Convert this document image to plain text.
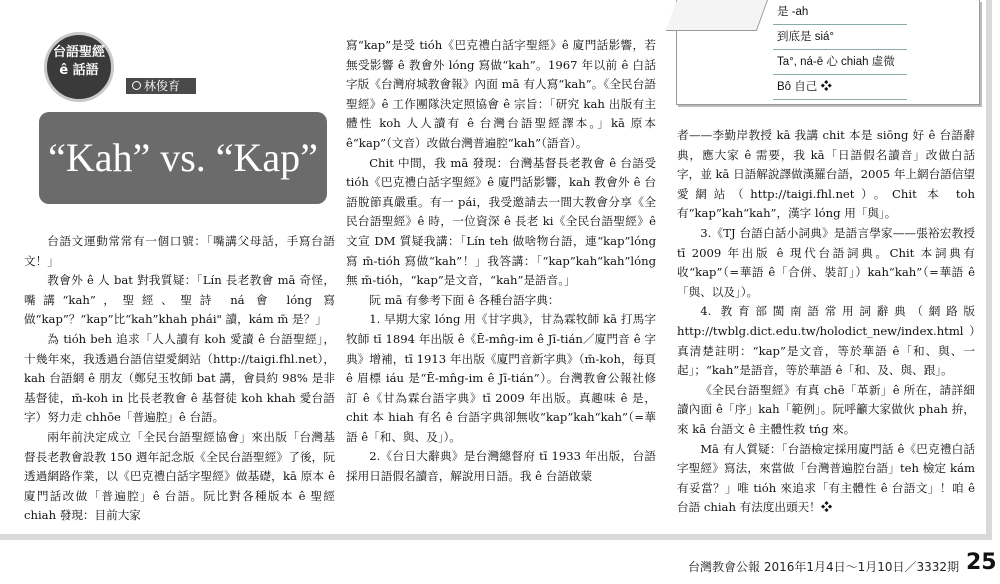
是 -ah
到底是 siá°
Ta°, ná-ē 心 chiah 虛微
Bô 自己 ❖
台語聖經
ê 話語
林俊育
“Kah” vs. “Kap”

台語文運動常常有一個口號：「嘴講父母話，手寫台語文！」

教會外 ê 人 bat 對我質疑：「Lín 長老教會 mā 奇怪，嘴講“kah”，聖經、聖詩 ná 會 lóng 寫做“kap”？“kap”比“kah”khah phái" 讀，kám m̄ 是？」

為 tióh beh 追求「人人讀有 koh 愛讀 ê 台語聖經」，十幾年來，我透過台語信望愛網站（http://taigi.fhl.net），kah 台語網 ê 朋友（鄭兒玉牧師 bat 講，會員約 98% 是非基督徒，m̄-koh in 比長老教會 ê 基督徒 koh khah 愛台語字）努力走 chhōe「普遍腔」ê 台語。

兩年前決定成立「全民台語聖經協會」來出版「台灣基督長老教會設教 150 週年記念版《全民台語聖經》了後，阮透過網路作業，以《巴克禮白話字聖經》做基礎，kā 原本 ê 廈門話改做「普遍腔」ê 台語。阮比對各種版本 ê 聖經 chiah 發現：目前大家

寫“kap”是受 tióh《巴克禮白話字聖經》ê 廈門話影響，若無受影響 ê 教會外 lóng 寫做“kah”。1967 年以前 ê 白話字版《台灣府城教會報》內面 mā 有人寫“kah”。《全民台語聖經》ê 工作團隊決定照協會 ê 宗旨：「研究 kah 出版有主體性 koh 人人讀有 ê 台灣台語聖經譯本。」kā 原本 ê“kap”（文音）改做台灣普遍腔“kah”（語音）。

Chit 中間，我 mā 發現：台灣基督長老教會 ê 台語受 tióh《巴克禮白話字聖經》ê 廈門話影響，kah 教會外 ê 台語脫節真嚴重。有一 pái，我受邀請去一間大教會分享《全民台語聖經》ê 時，一位資深 ê 長老 ki《全民台語聖經》ê 文宣 DM 質疑我講：「Lín teh 做啥物台語，連“kap”lóng 寫 m̄-tióh 寫做“kah”！」我答講：「“kap”kah“kah”lóng 無 m̄-tióh，“kap”是文音，“kah”是語音。」

阮 mā 有參考下面 ê 各種台語字典：

1. 早期大家 lóng 用《甘字典》，甘為霖牧師 kā 打馬字牧師 tī 1894 年出版 ê《Ē-mn̂g-im ê Jī-tián／廈門音 ê 字典》增補，tī 1913 年出版《廈門音新字典》（m̄-koh，每頁 ê 眉標 iáu 是“Ē-mn̂g-im ê Jī-tián”）。台灣教會公報社修訂 ê《甘為霖台語字典》tī 2009 年出版。真趣味 ê 是，chit 本 hiah 有名 ê 台語字典卻無收“kap”kah“kah”（=華語 ê「和、與、及」）。

2.《台日大辭典》是台灣總督府 tī 1933 年出版，台語採用日語假名讀音，解說用日語。我 ê 台語啟蒙

者——李勤岸教授 kā 我講 chit 本是 siōng 好 ê 台語辭典，應大家 ê 需要，我 kā「日語假名讀音」改做白話字，並 kā 日語解說譯做漢羅台語，2005 年上網台語信望愛網站（http://taigi.fhl.net）。Chit 本 toh 有“kap”kah“kah”，漢字 lóng 用「與」。

3.《TJ 台語白話小詞典》是語言學家——張裕宏教授 tī 2009 年出版 ê 現代台語詞典。Chit 本詞典有收“kap”（=華語 ê「合併、裝訂」）kah“kah”（=華語 ê「與、以及」）。

4. 教育部閩南語常用詞辭典（網路版 http://twblg.dict.edu.tw/holodict_new/index.html）真清楚註明：“kap”是文音，等於華語 ê「和、與、一起」；“kah”是語音，等於華語 ê「和、及、與、跟」。

《全民台語聖經》有真 chē「革新」ê 所在，請詳細讀內面 ê「序」kah「範例」。阮呼籲大家做伙 phah 拚，來 kā 台語文 ê 主體性救 tńg 來。

Mā 有人質疑：「台語檢定採用廈門話 ê《巴克禮白話字聖經》寫法，來當做「台灣普遍腔台語」teh 檢定 kám 有妥當？」唯 tióh 來追求「有主體性 ê 台語文」！咱 ê 台語 chiah 有法度出頭天！❖

台灣教會公報 2016年1月4日～1月10日／3332期 25
